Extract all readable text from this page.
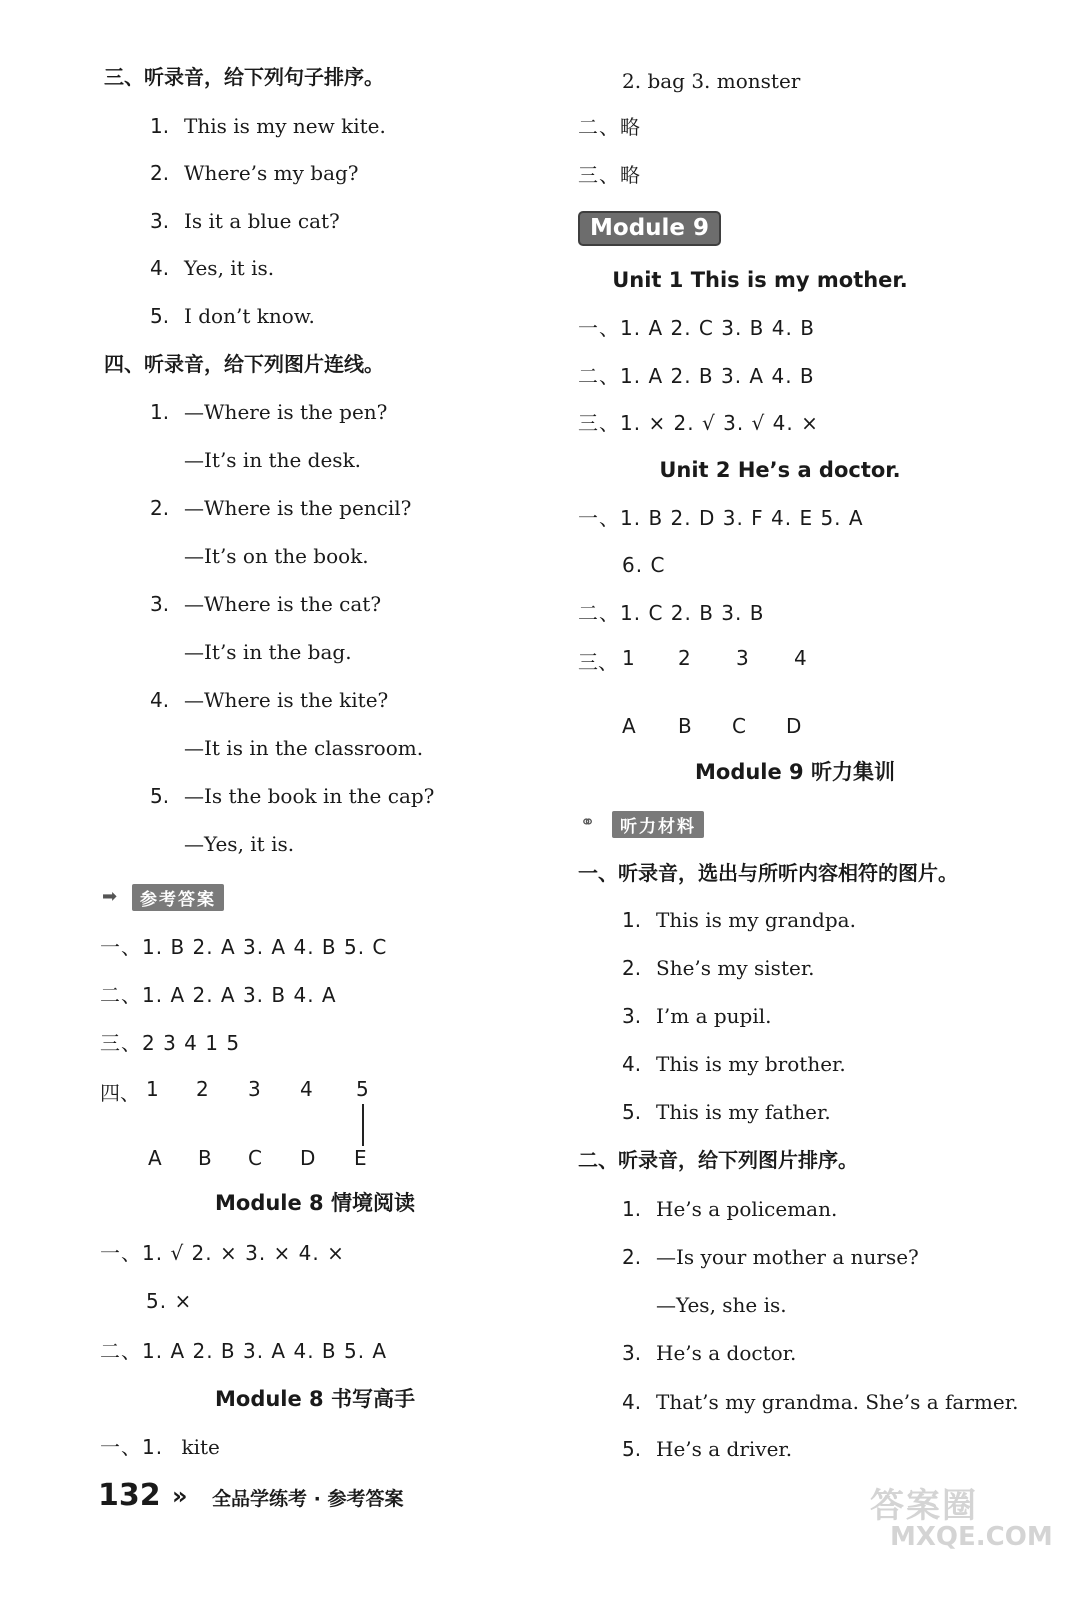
三、听录音，给下列句子排序。
1. This is my new kite.
2. Where’s my bag?
3. Is it a blue cat?
4. Yes, it is.
5. I don’t know.
四、听录音，给下列图片连线。
1. —Where is the pen?
—It’s in the desk.
2. —Where is the pencil?
—It’s on the book.
3. —Where is the cat?
—It’s in the bag.
4. —Where is the kite?
—It is in the classroom.
5. —Is the book in the cap?
—Yes, it is.
➡	参考答案
一、1. B 2. A 3. A 4. B 5. C
二、1. A 2. A 3. B 4. A
三、2 3 4 1 5
四、 1 2 3 4 5
A B C D E
Module 8 情境阅读
一、1. √ 2. × 3. × 4. ×
5. ×
二、1. A 2. B 3. A 4. B 5. A
Module 8 书写高手
一、1. kite
2. bag 3. monster
二、略
三、略
Module 9
Unit 1 This is my mother.
一、1. A 2. C 3. B 4. B
二、1. A 2. B 3. A 4. B
三、1. × 2. √ 3. √ 4. ×
Unit 2 He’s a doctor.
一、1. B 2. D 3. F 4. E 5. A
6. C
二、1. C 2. B 3. B
三、 1 2 3 4
A B C D
Module 9 听力集训
⚭	听力材料
一、听录音，选出与所听内容相符的图片。
1. This is my grandpa.
2. She’s my sister.
3. I’m a pupil.
4. This is my brother.
5. This is my father.
二、听录音，给下列图片排序。
1. He’s a policeman.
2. —Is your mother a nurse?
—Yes, she is.
3. He’s a doctor.
4. That’s my grandma. She’s a farmer.
5. He’s a driver.
132 » 全品学练考 · 参考答案	答案圈
MXQE.COM
